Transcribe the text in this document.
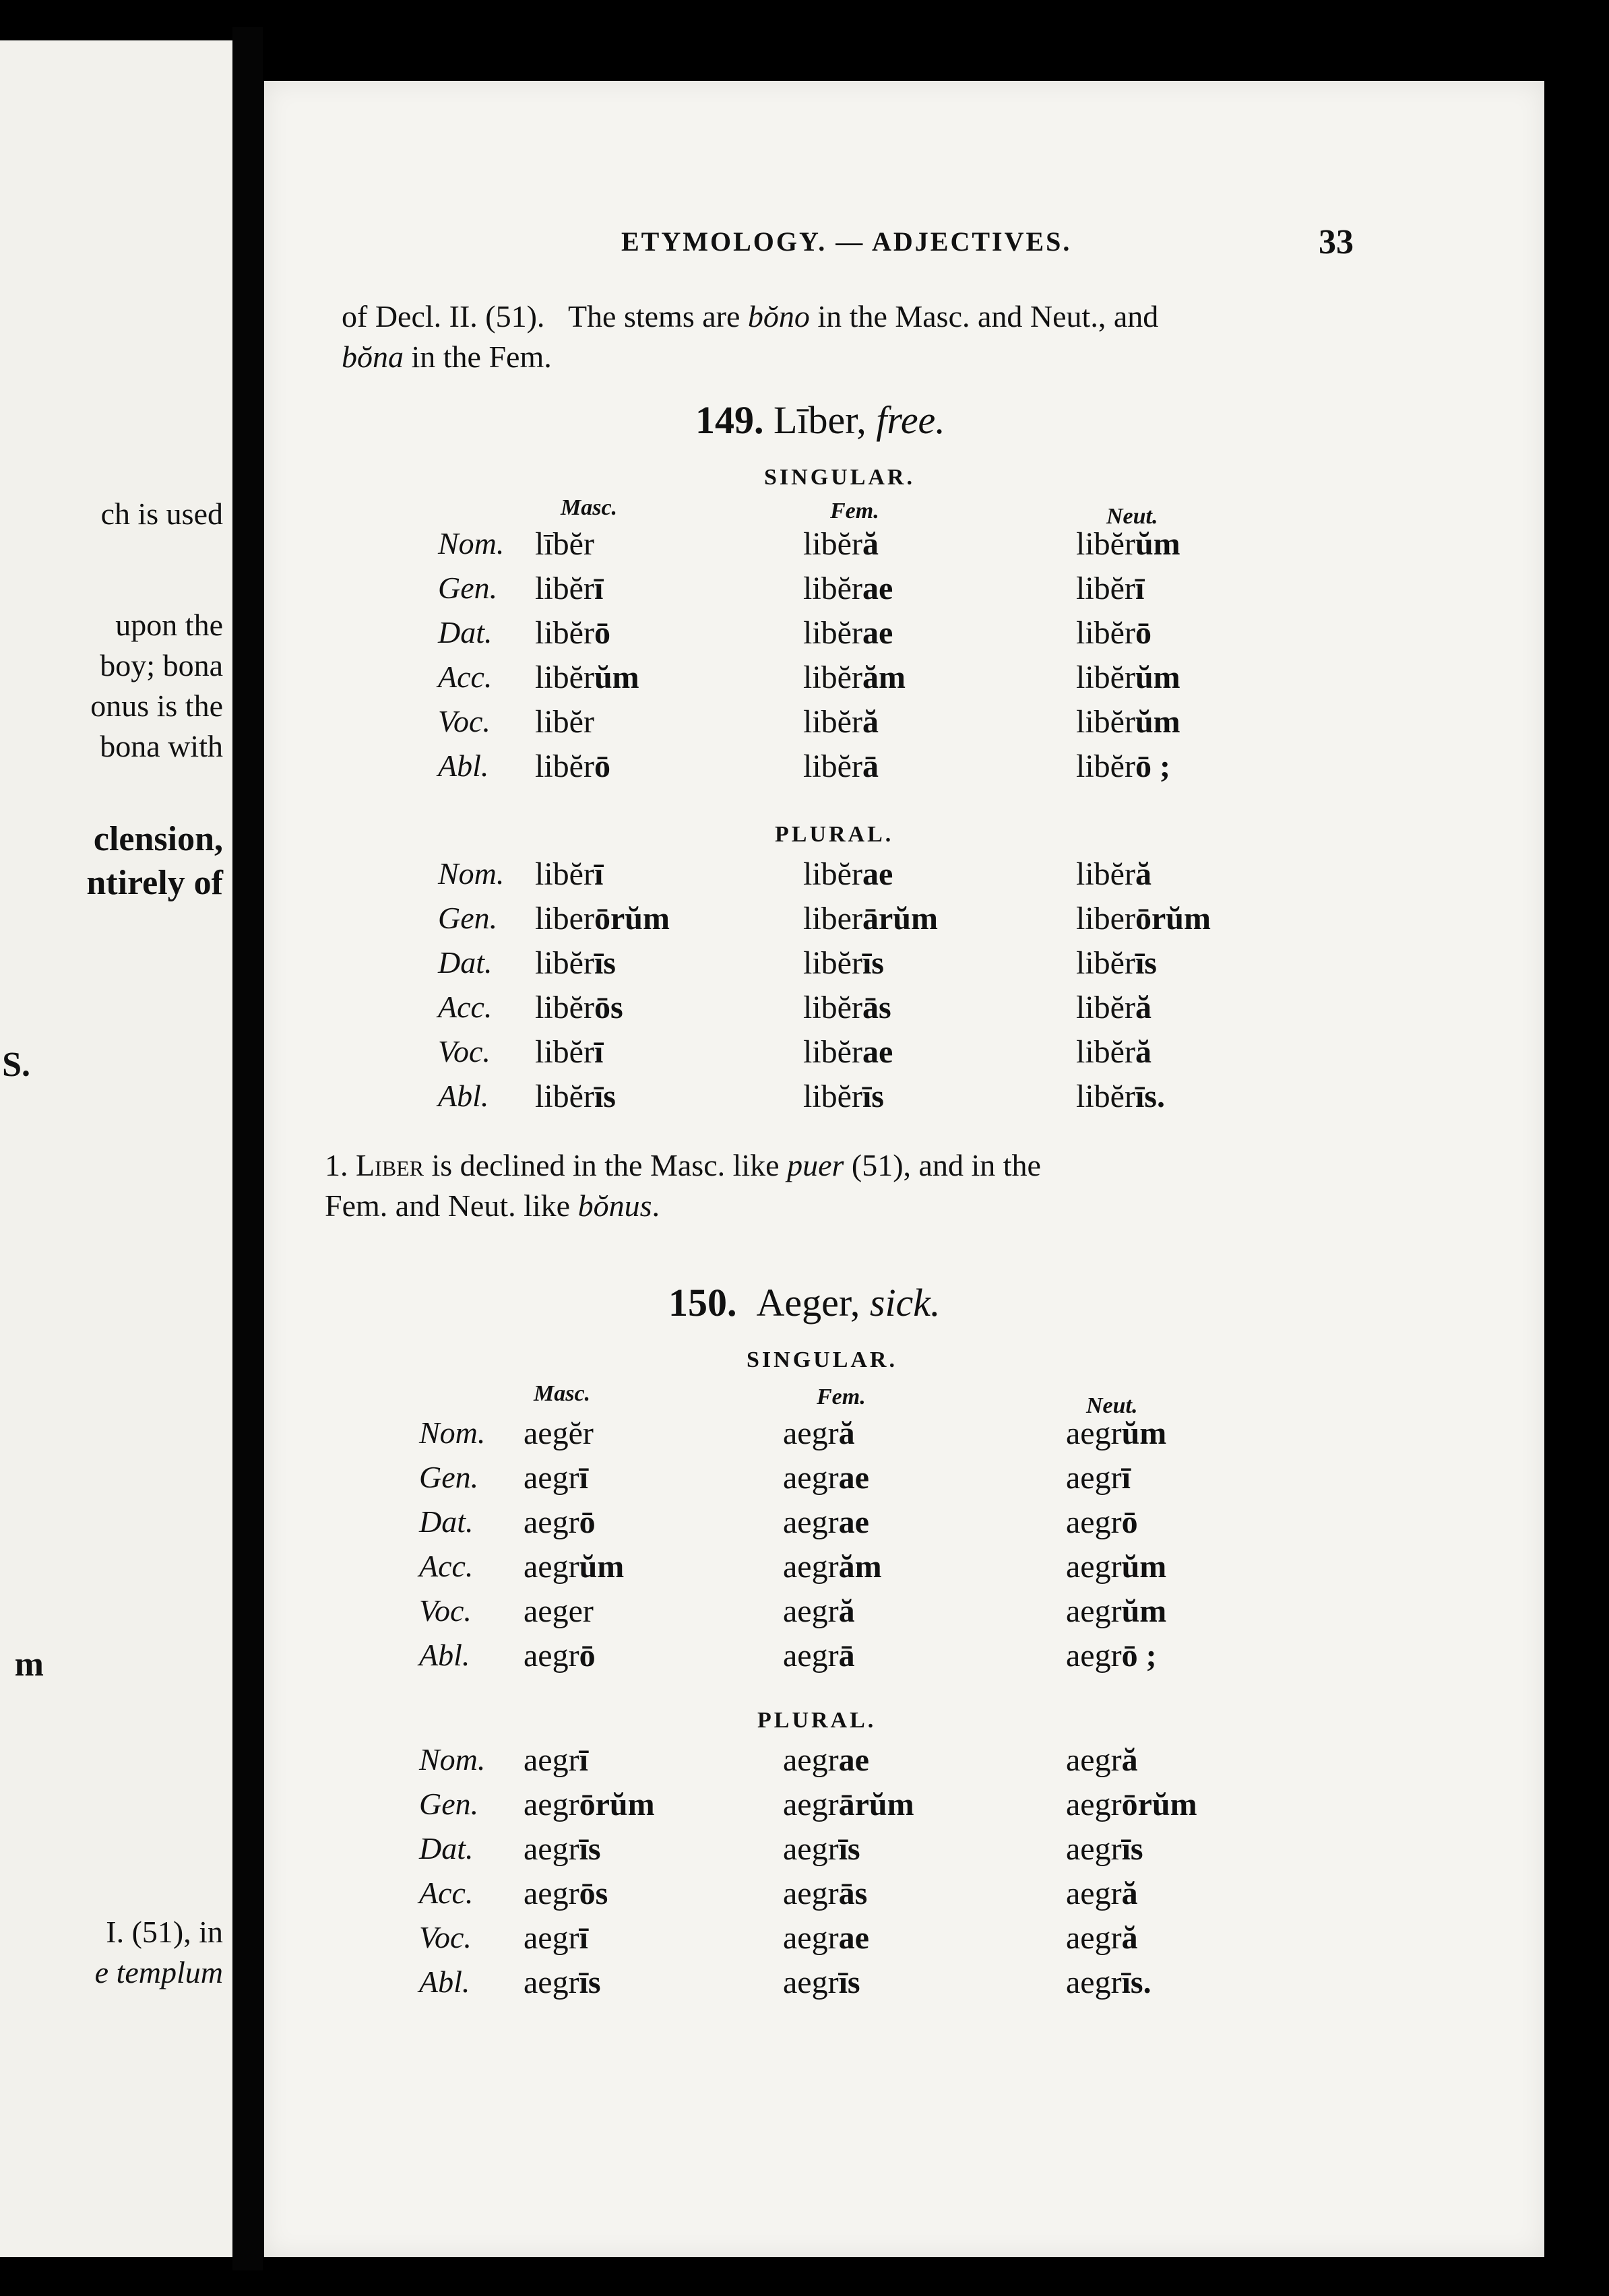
ch is used
upon the
boy; bona
onus is the
bona with
clension,
ntirely of
S.
m
I. (51), in
e templum
ETYMOLOGY. — ADJECTIVES.	33
of Decl. II. (51). The stems are bŏno in the Masc. and Neut., and
bŏna in the Fem.
149. Līber, free.
SINGULAR.
Masc.	Fem.	Neut.
Nom. lībĕr	libĕră	libĕrŭm
Gen. libĕrī	libĕrae	libĕrī
Dat. libĕrō	libĕrae	libĕrō
Acc. libĕrŭm	libĕrăm	libĕrŭm
Voc. libĕr	libĕră	libĕrŭm
Abl. libĕrō	libĕrā	libĕrō ;
PLURAL.
Nom. libĕrī	libĕrae	libĕră
Gen. liberōrŭm	liberārŭm	liberōrŭm
Dat. libĕrīs	libĕrīs	libĕrīs
Acc. libĕrōs	libĕrās	libĕră
Voc. libĕrī	libĕrae	libĕră
Abl. libĕrīs	libĕrīs	libĕrīs.
1. Liber is declined in the Masc. like puer (51), and in the
Fem. and Neut. like bŏnus.
150. Aeger, sick.
SINGULAR.
Masc.	Fem.	Neut.
Nom. aegĕr	aegră	aegrŭm
Gen. aegrī	aegrae	aegrī
Dat. aegrō	aegrae	aegrō
Acc. aegrŭm	aegrăm	aegrŭm
Voc. aeger	aegră	aegrŭm
Abl. aegrō	aegrā	aegrō ;
PLURAL.
Nom. aegrī	aegrae	aegră
Gen. aegrōrŭm	aegrārŭm	aegrōrŭm
Dat. aegrīs	aegrīs	aegrīs
Acc. aegrōs	aegrās	aegră
Voc. aegrī	aegrae	aegră
Abl. aegrīs	aegrīs	aegrīs.
